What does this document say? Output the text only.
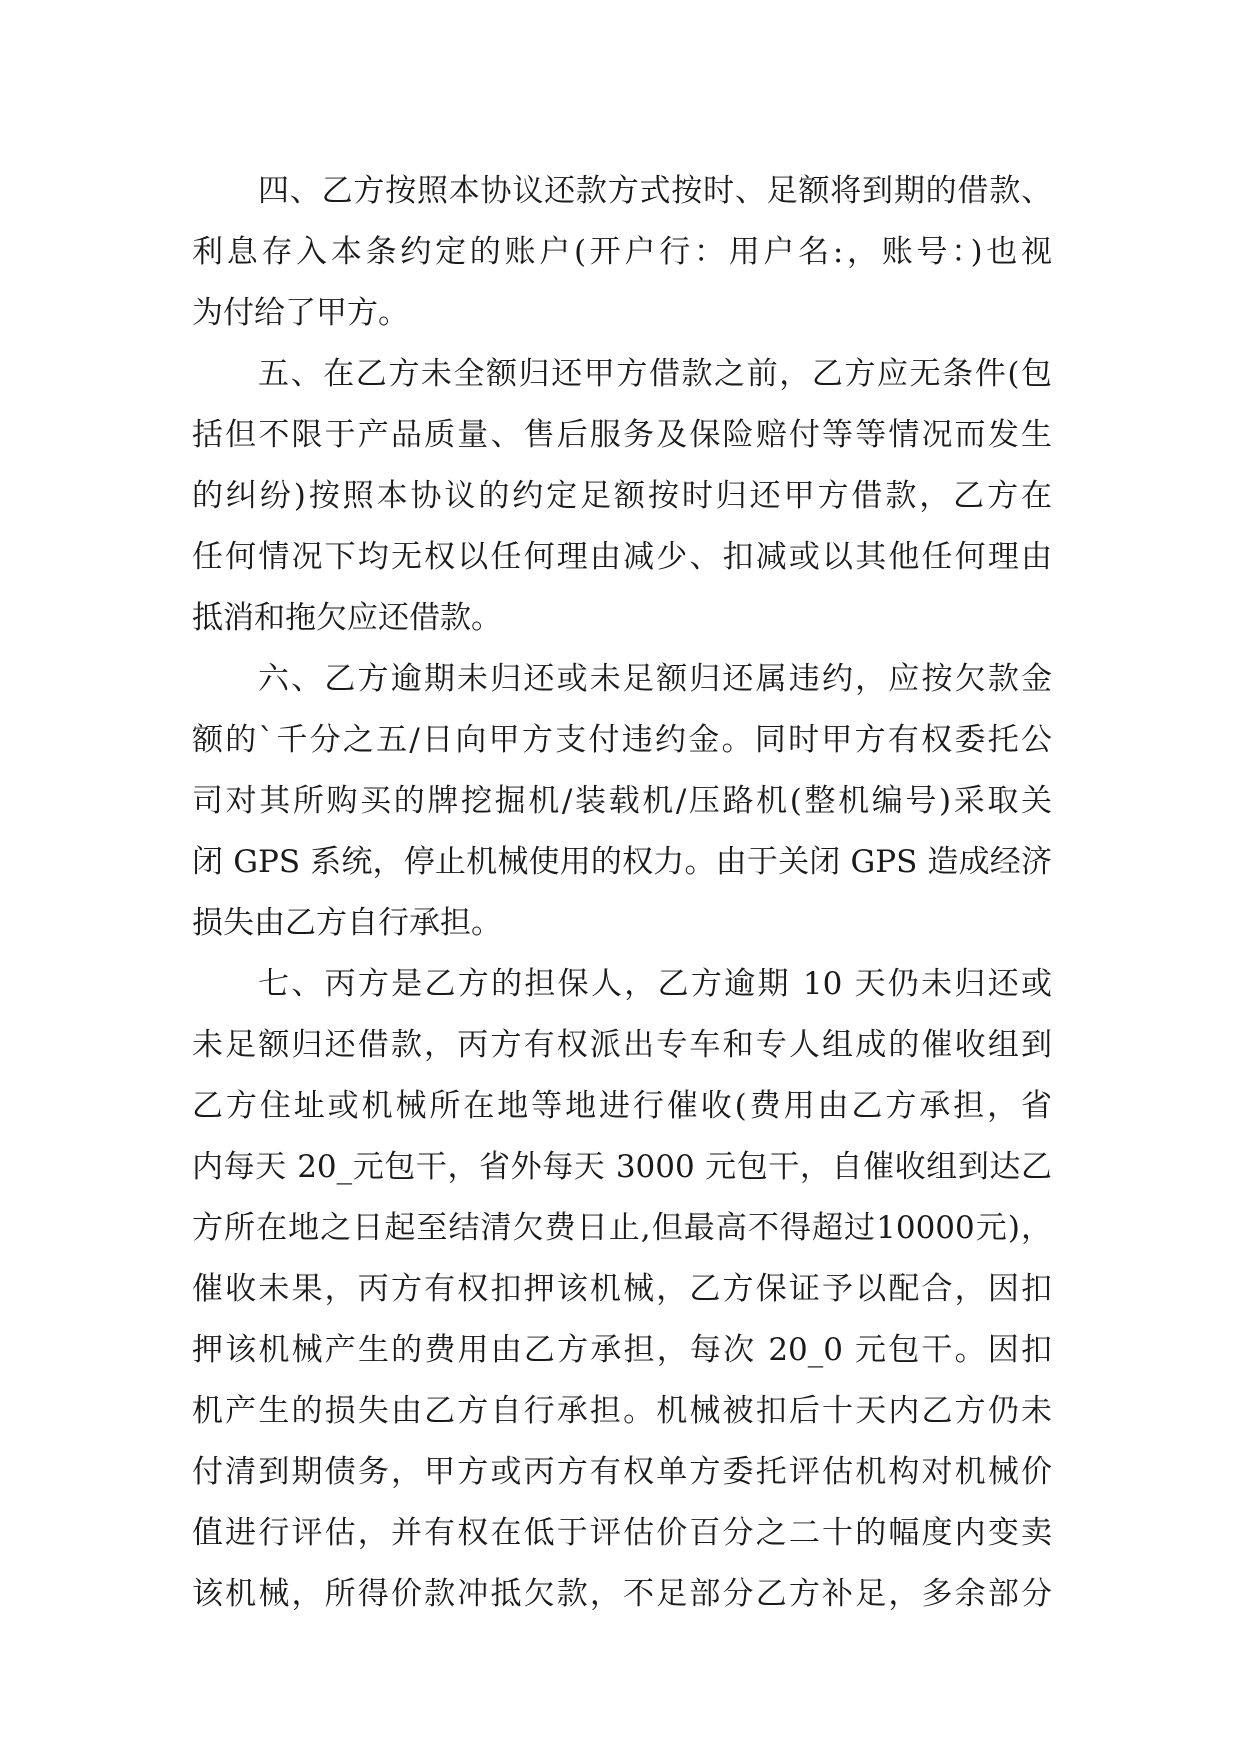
四、乙方按照本协议还款方式按时、足额将到期的借款、
利息存入本条约定的账户(开户行：用户名:，账号：)也视
为付给了甲方。
五、在乙方未全额归还甲方借款之前，乙方应无条件(包
括但不限于产品质量、售后服务及保险赔付等等情况而发生
的纠纷)按照本协议的约定足额按时归还甲方借款，乙方在
任何情况下均无权以任何理由减少、扣减或以其他任何理由
抵消和拖欠应还借款。
六、乙方逾期未归还或未足额归还属违约，应按欠款金
额的`千分之五/日向甲方支付违约金。同时甲方有权委托公
司对其所购买的牌挖掘机/装载机/压路机(整机编号)采取关
闭 GPS 系统，停止机械使用的权力。由于关闭 GPS 造成经济
损失由乙方自行承担。
七、丙方是乙方的担保人，乙方逾期 10 天仍未归还或
未足额归还借款，丙方有权派出专车和专人组成的催收组到
乙方住址或机械所在地等地进行催收(费用由乙方承担，省
内每天 20_元包干，省外每天 3000 元包干，自催收组到达乙
方所在地之日起至结清欠费日止,但最高不得超过10000元)，
催收未果，丙方有权扣押该机械，乙方保证予以配合，因扣
押该机械产生的费用由乙方承担，每次 20_0 元包干。因扣
机产生的损失由乙方自行承担。机械被扣后十天内乙方仍未
付清到期债务，甲方或丙方有权单方委托评估机构对机械价
值进行评估，并有权在低于评估价百分之二十的幅度内变卖
该机械，所得价款冲抵欠款，不足部分乙方补足，多余部分
